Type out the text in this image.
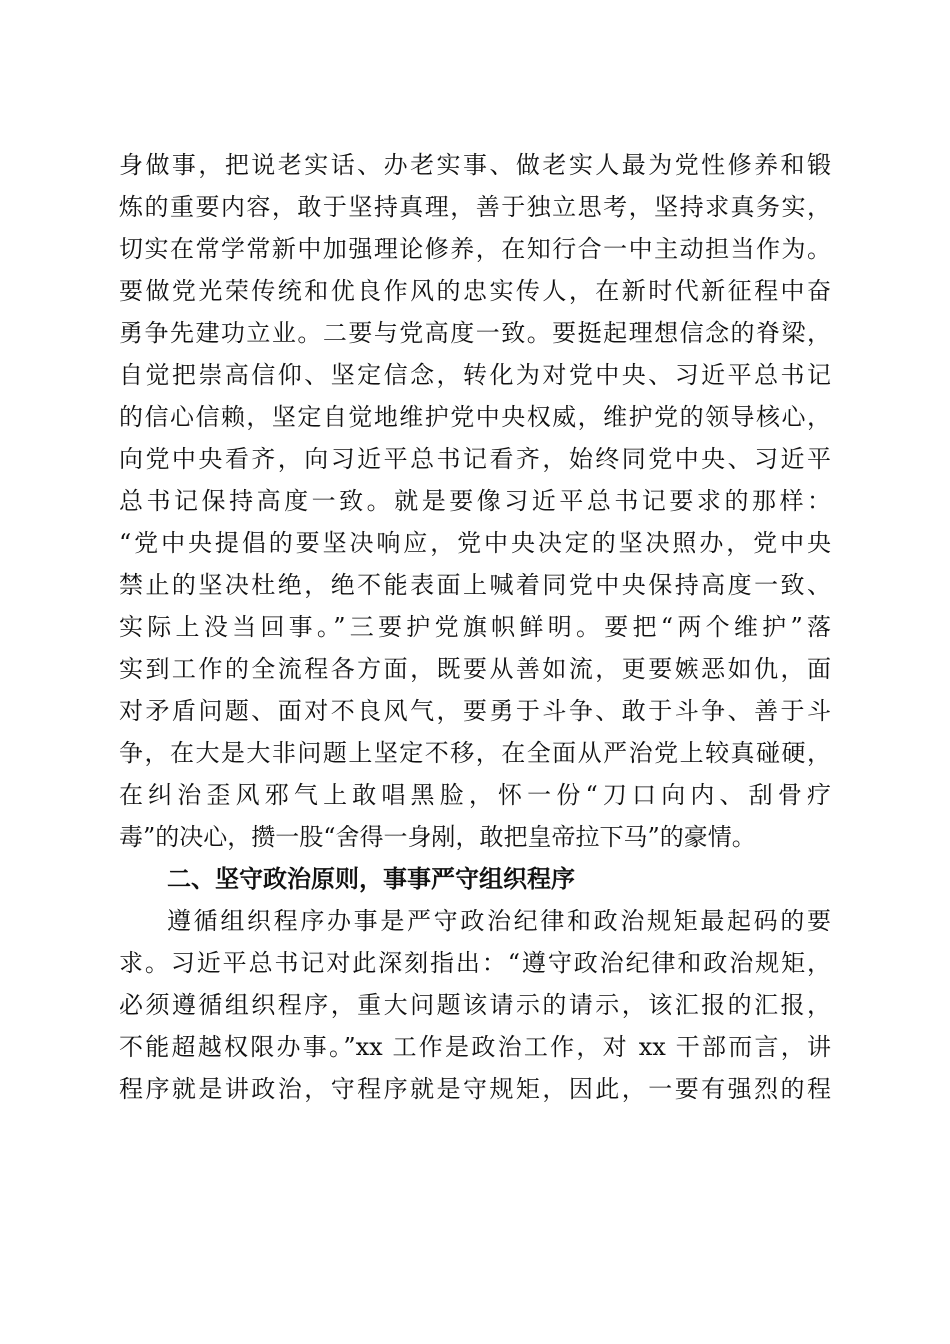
身做事，把说老实话、办老实事、做老实人最为党性修养和锻
炼的重要内容，敢于坚持真理，善于独立思考，坚持求真务实，
切实在常学常新中加强理论修养，在知行合一中主动担当作为。
要做党光荣传统和优良作风的忠实传人，在新时代新征程中奋
勇争先建功立业。二要与党高度一致。要挺起理想信念的脊梁，
自觉把崇高信仰、坚定信念，转化为对党中央、习近平总书记
的信心信赖，坚定自觉地维护党中央权威，维护党的领导核心，
向党中央看齐，向习近平总书记看齐，始终同党中央、习近平
总书记保持高度一致。就是要像习近平总书记要求的那样：
“党中央提倡的要坚决响应，党中央决定的坚决照办，党中央
禁止的坚决杜绝，绝不能表面上喊着同党中央保持高度一致、
实际上没当回事。”三要护党旗帜鲜明。要把“两个维护”落
实到工作的全流程各方面，既要从善如流，更要嫉恶如仇，面
对矛盾问题、面对不良风气，要勇于斗争、敢于斗争、善于斗
争，在大是大非问题上坚定不移，在全面从严治党上较真碰硬，
在纠治歪风邪气上敢唱黑脸，怀一份“刀口向内、刮骨疗
毒”的决心，攒一股“舍得一身剐，敢把皇帝拉下马”的豪情。
二、坚守政治原则，事事严守组织程序
遵循组织程序办事是严守政治纪律和政治规矩最起码的要
求。习近平总书记对此深刻指出：“遵守政治纪律和政治规矩，
必须遵循组织程序，重大问题该请示的请示，该汇报的汇报，
不能超越权限办事。”xx 工作是政治工作，对 xx 干部而言，讲
程序就是讲政治，守程序就是守规矩，因此，一要有强烈的程
